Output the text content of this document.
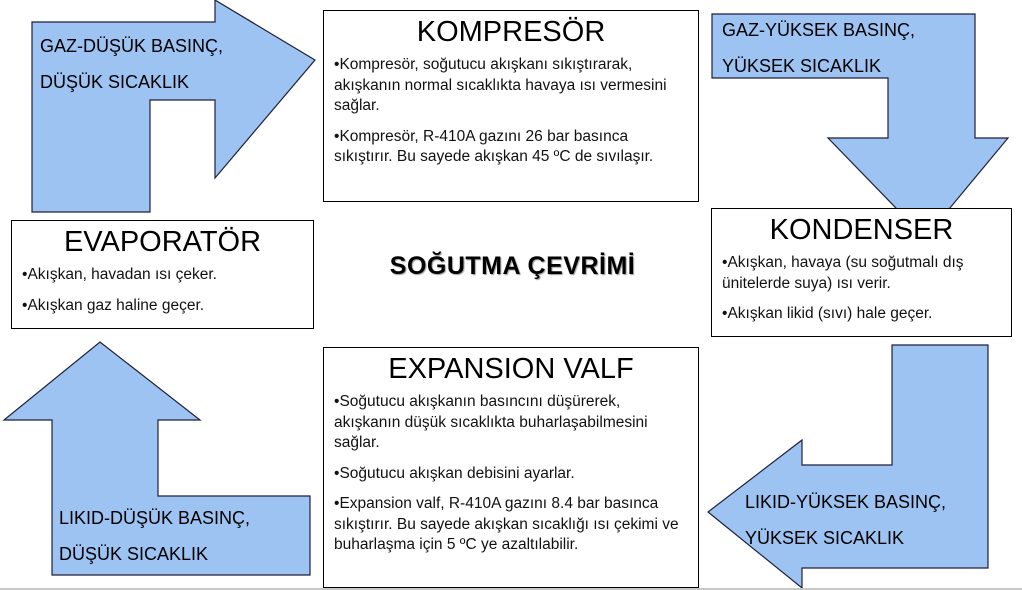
GAZ-DÜŞÜK BASINÇ,
DÜŞÜK SICAKLIK
GAZ-YÜKSEK BASINÇ,
YÜKSEK SICAKLIK
LIKID-YÜKSEK BASINÇ,
YÜKSEK SICAKLIK
LIKID-DÜŞÜK BASINÇ,
DÜŞÜK SICAKLIK
KOMPRESÖR
• Kompresör, soğutucu akışkanı sıkıştırarak, akışkanın normal sıcaklıkta havaya ısı vermesini sağlar.
• Kompresör, R-410A gazını 26 bar basınca sıkıştırır. Bu sayede akışkan 45 ºC de sıvılaşır.
KONDENSER
• Akışkan, havaya (su soğutmalı dış ünitelerde suya) ısı verir.
• Akışkan likid (sıvı) hale geçer.
EXPANSION VALF
• Soğutucu akışkanın basıncını düşürerek, akışkanın düşük sıcaklıkta buharlaşabilmesini sağlar.
• Soğutucu akışkan debisini ayarlar.
• Expansion valf, R-410A gazını 8.4 bar basınca sıkıştırır. Bu sayede akışkan sıcaklığı ısı çekimi ve buharlaşma için 5 ºC ye azaltılabilir.
EVAPORATÖR
• Akışkan, havadan ısı çeker.
• Akışkan gaz haline geçer.
SOĞUTMA ÇEVRİMİ
